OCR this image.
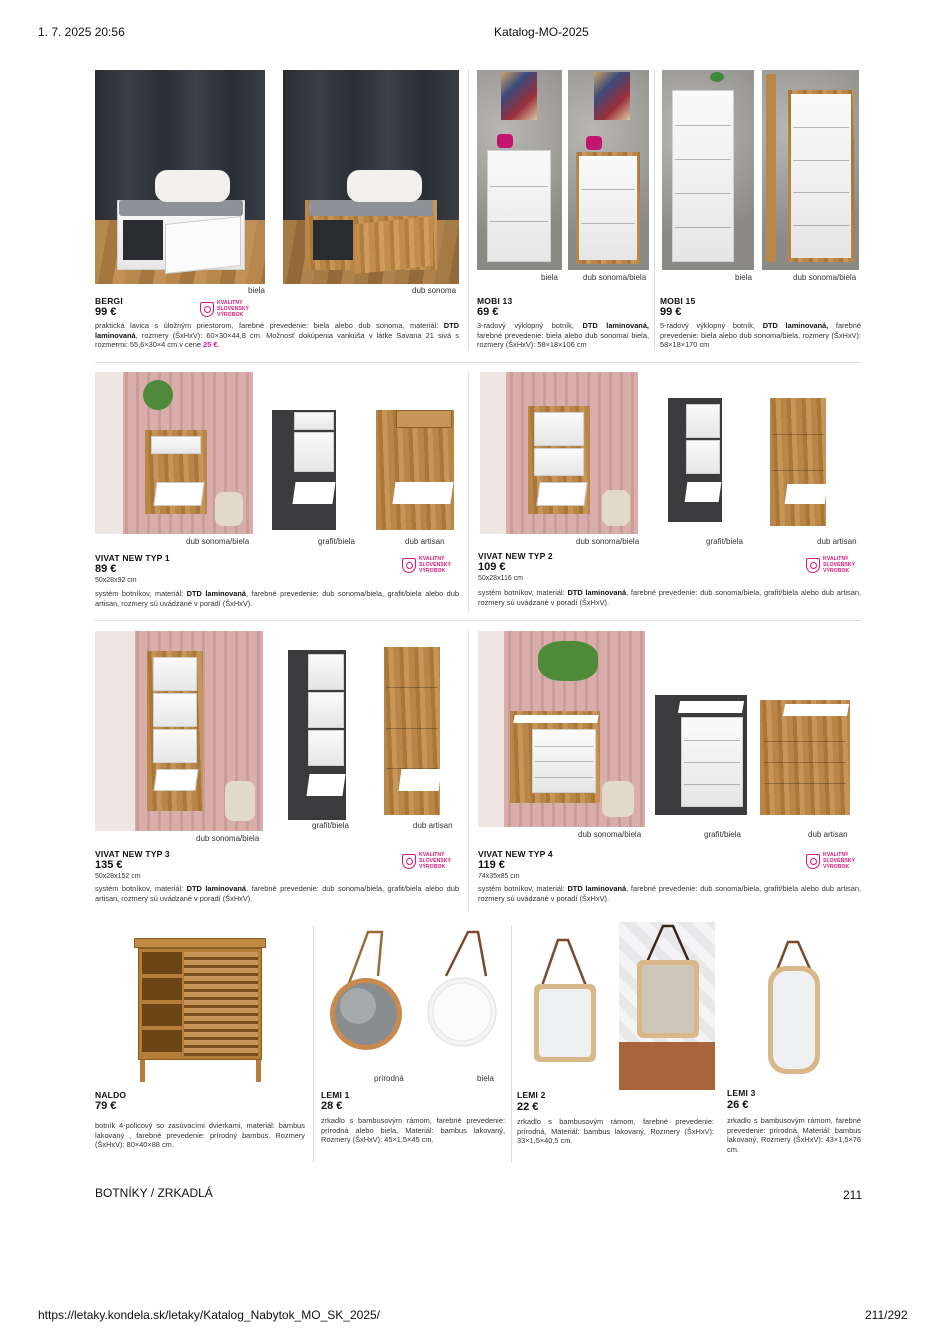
1. 7. 2025 20:56	Katalog-MO-2025
biela	dub sonoma
BERGI
99 €
KVALITNÝ
SLOVENSKÝ
VÝROBOK
praktická lavica s úložným priestorom, farebné prevedenie: biela alebo dub sonoma, materiál: DTD laminovaná, rozmery (ŠxHxV): 60×30×44,8 cm. Možnosť dokúpenia vankúša v látke Savana 21 sivá s rozmermi: 55,6×30×4 cm v cene 25 €.
biela	dub sonoma/biela
MOBI 13
69 €
3-radový výklopný botník, DTD laminovaná, farebné prevedenie: biela alebo dub sonoma/ biela, rozmery (ŠxHxV): 58×18×106 cm
biela	dub sonoma/biela
MOBI 15
99 €
5-radový výklopný botník, DTD laminovaná, farebné prevedenie: biela alebo dub sonoma/biela, rozmery (ŠxHxV): 58×18×170 cm
dub sonoma/biela	grafit/biela	dub artisan
VIVAT NEW TYP 1
89 €
50x28x92 cm
KVALITNÝ
SLOVENSKÝ
VÝROBOK
systém botníkov, materiál: DTD laminovaná, farebné prevedenie: dub sonoma/biela, grafit/biela alebo dub artisan, rozmery sú uvádzané v poradí (ŠxHxV).
dub sonoma/biela	grafit/biela	dub artisan
VIVAT NEW TYP 2
109 €
50x28x116 cm
KVALITNÝ
SLOVENSKÝ
VÝROBOK
systém botníkov, materiál: DTD laminovaná, farebné prevedenie: dub sonoma/biela, grafit/biela alebo dub artisan, rozmery sú uvádzané v poradí (ŠxHxV).
dub sonoma/biela
grafit/biela	dub artisan
VIVAT NEW TYP 3
135 €
50x28x152 cm
KVALITNÝ
SLOVENSKÝ
VÝROBOK
systém botníkov, materiál: DTD laminovaná, farebné prevedenie: dub sonoma/biela, grafit/biela alebo dub artisan, rozmery sú uvádzané v poradí (ŠxHxV).
dub sonoma/biela	grafit/biela	dub artisan
VIVAT NEW TYP 4
119 €
74x35x85 cm
KVALITNÝ
SLOVENSKÝ
VÝROBOK
systém botníkov, materiál: DTD laminovaná, farebné prevedenie: dub sonoma/biela, grafit/biela alebo dub artisan, rozmery sú uvádzané v poradí (ŠxHxV).
NALDO
79 €
botník 4-policový so zasúvacími dvierkami, materiál: bambus lakovaný , farebné prevedenie: prírodný bambus. Rozmery (ŠxHxV): 80×40×88 cm.
prírodná	biela
LEMI 1
28 €
zrkadlo s bambusovým rámom, farebné prevedenie: prírodná alebo biela, Materiál: bambus lakovaný, Rozmery (ŠxHxV): 45×1,5×45 cm.
LEMI 2
22 €
zrkadlo s bambusovým rámom, farebné prevedenie: prírodná, Materiál: bambus lakovaný, Rozmery (ŠxHxV): 33×1,5×40,5 cm.
LEMI 3
26 €
zrkadlo s bambusovým rámom, farebné prevedenie: prírodná, Materiál: bambus lakovaný, Rozmery (ŠxHxV): 43×1,5×76 cm.
BOTNÍKY / ZRKADLÁ	211
https://letaky.kondela.sk/letaky/Katalog_Nabytok_MO_SK_2025/	211/292
